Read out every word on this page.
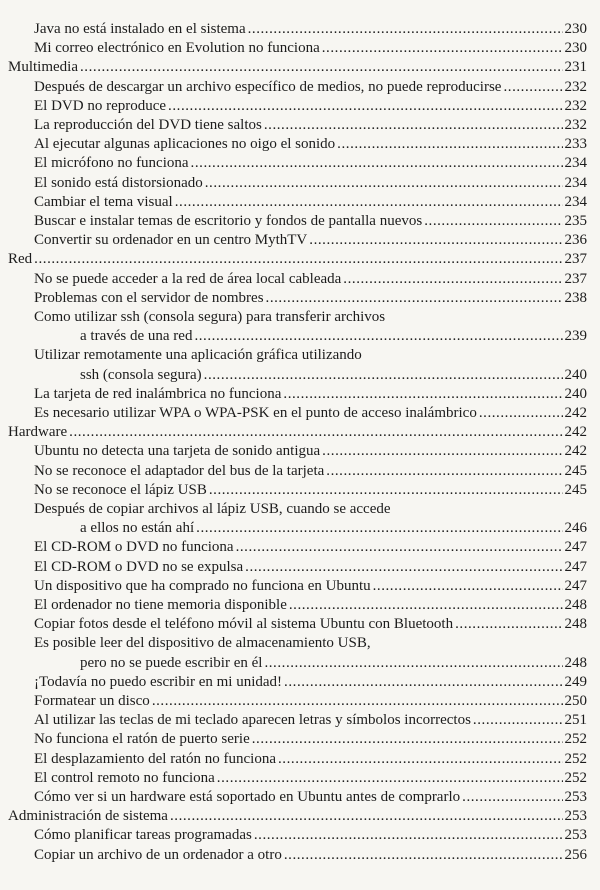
Java no está instalado en el sistema . . .	230
Mi correo electrónico en Evolution no funciona . . .	230
Multimedia . . .	231
Después de descargar un archivo específico de medios, no puede reproducirse . . .	232
El DVD no reproduce . . .	232
La reproducción del DVD tiene saltos . . .	232
Al ejecutar algunas aplicaciones no oigo el sonido . . .	233
El micrófono no funciona . . .	234
El sonido está distorsionado . . .	234
Cambiar el tema visual . . .	234
Buscar e instalar temas de escritorio y fondos de pantalla nuevos . . .	235
Convertir su ordenador en un centro MythTV . . .	236
Red . . .	237
No se puede acceder a la red de área local cableada . . .	237
Problemas con el servidor de nombres . . .	238
Como utilizar ssh (consola segura) para transferir archivos
a través de una red . . .	239
Utilizar remotamente una aplicación gráfica utilizando
ssh (consola segura) . . .	240
La tarjeta de red inalámbrica no funciona . . .	240
Es necesario utilizar WPA o WPA-PSK en el punto de acceso inalámbrico . . .	242
Hardware . . .	242
Ubuntu no detecta una tarjeta de sonido antigua . . .	242
No se reconoce el adaptador del bus de la tarjeta . . .	245
No se reconoce el lápiz USB . . .	245
Después de copiar archivos al lápiz USB, cuando se accede
a ellos no están ahí . . .	246
El CD-ROM o DVD no funciona . . .	247
El CD-ROM o DVD no se expulsa . . .	247
Un dispositivo que ha comprado no funciona en Ubuntu . . .	247
El ordenador no tiene memoria disponible . . .	248
Copiar fotos desde el teléfono móvil al sistema Ubuntu con Bluetooth . . .	248
Es posible leer del dispositivo de almacenamiento USB,
pero no se puede escribir en él . . .	248
¡Todavía no puedo escribir en mi unidad! . . .	249
Formatear un disco . . .	250
Al utilizar las teclas de mi teclado aparecen letras y símbolos incorrectos . . .	251
No funciona el ratón de puerto serie . . .	252
El desplazamiento del ratón no funciona . . .	252
El control remoto no funciona . . .	252
Cómo ver si un hardware está soportado en Ubuntu antes de comprarlo . . .	253
Administración de sistema . . .	253
Cómo planificar tareas programadas . . .	253
Copiar un archivo de un ordenador a otro . . .	256
